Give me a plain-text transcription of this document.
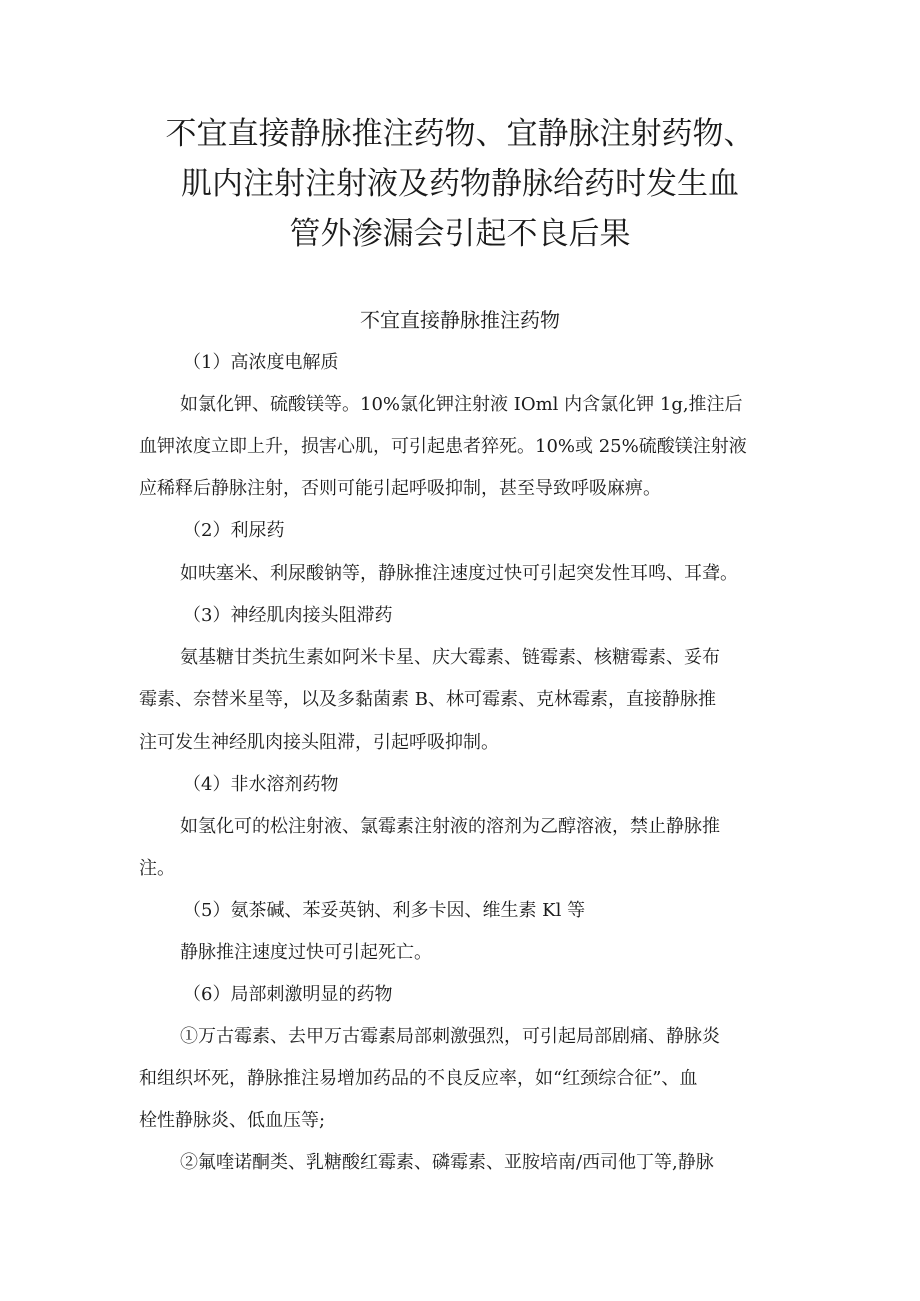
不宜直接静脉推注药物、宜静脉注射药物、
肌内注射注射液及药物静脉给药时发生血
管外渗漏会引起不良后果
不宜直接静脉推注药物
（1）高浓度电解质
如氯化钾、硫酸镁等。10%氯化钾注射液 IOml 内含氯化钾 1g,推注后
血钾浓度立即上升，损害心肌，可引起患者猝死。10%或 25%硫酸镁注射液
应稀释后静脉注射，否则可能引起呼吸抑制，甚至导致呼吸麻痹。
（2）利尿药
如呋塞米、利尿酸钠等，静脉推注速度过快可引起突发性耳鸣、耳聋。
（3）神经肌肉接头阻滞药
氨基糖甘类抗生素如阿米卡星、庆大霉素、链霉素、核糖霉素、妥布
霉素、奈替米星等，以及多黏菌素 B、林可霉素、克林霉素，直接静脉推
注可发生神经肌肉接头阻滞，引起呼吸抑制。
（4）非水溶剂药物
如氢化可的松注射液、氯霉素注射液的溶剂为乙醇溶液，禁止静脉推
注。
（5）氨茶碱、苯妥英钠、利多卡因、维生素 Kl 等
静脉推注速度过快可引起死亡。
（6）局部刺激明显的药物
①万古霉素、去甲万古霉素局部刺激强烈，可引起局部剧痛、静脉炎
和组织坏死，静脉推注易增加药品的不良反应率，如“红颈综合征”、血
栓性静脉炎、低血压等;
②氟喹诺酮类、乳糖酸红霉素、磷霉素、亚胺培南/西司他丁等,静脉
